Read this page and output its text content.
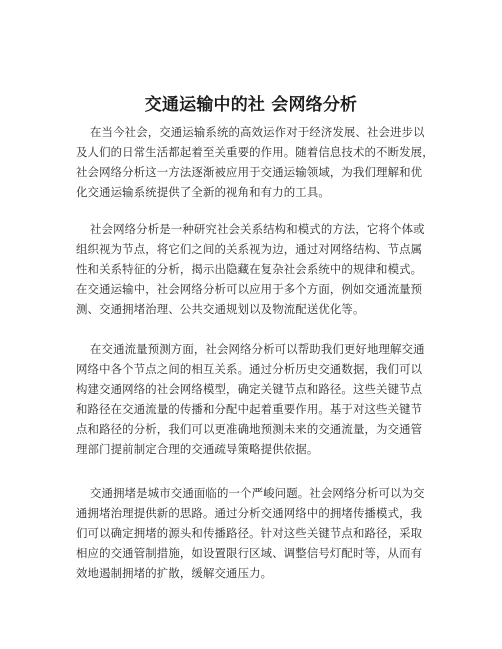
交通运输中的社 会网络分析
在当今社会，交通运输系统的高效运作对于经济发展、社会进步以
及人们的日常生活都起着至关重要的作用。随着信息技术的不断发展，
社会网络分析这一方法逐渐被应用于交通运输领域，为我们理解和优
化交通运输系统提供了全新的视角和有力的工具。
社会网络分析是一种研究社会关系结构和模式的方法，它将个体或
组织视为节点，将它们之间的关系视为边，通过对网络结构、节点属
性和关系特征的分析，揭示出隐藏在复杂社会系统中的规律和模式。
在交通运输中，社会网络分析可以应用于多个方面，例如交通流量预
测、交通拥堵治理、公共交通规划以及物流配送优化等。
在交通流量预测方面，社会网络分析可以帮助我们更好地理解交通
网络中各个节点之间的相互关系。通过分析历史交通数据，我们可以
构建交通网络的社会网络模型，确定关键节点和路径。这些关键节点
和路径在交通流量的传播和分配中起着重要作用。基于对这些关键节
点和路径的分析，我们可以更准确地预测未来的交通流量，为交通管
理部门提前制定合理的交通疏导策略提供依据。
交通拥堵是城市交通面临的一个严峻问题。社会网络分析可以为交
通拥堵治理提供新的思路。通过分析交通网络中的拥堵传播模式，我
们可以确定拥堵的源头和传播路径。针对这些关键节点和路径，采取
相应的交通管制措施，如设置限行区域、调整信号灯配时等，从而有
效地遏制拥堵的扩散，缓解交通压力。
